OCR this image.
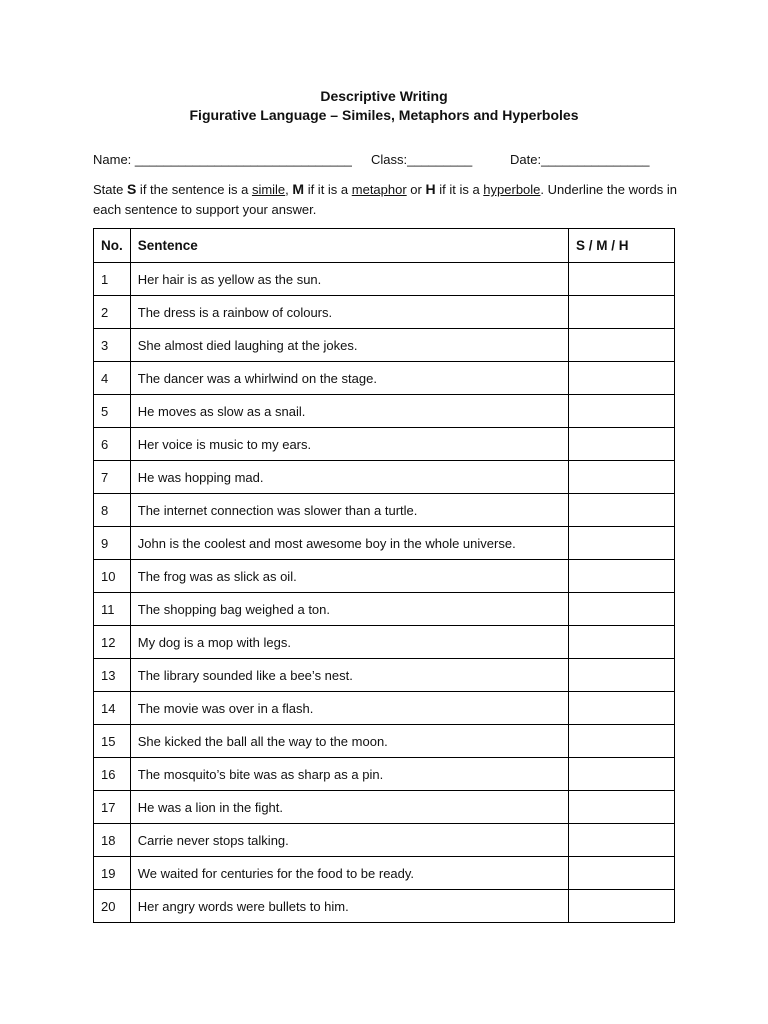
Descriptive Writing
Figurative Language – Similes, Metaphors and Hyperboles
Name: ______________________________ Class:_________	Date:_______________
State S if the sentence is a simile, M if it is a metaphor or H if it is a hyperbole. Underline the words in each sentence to support your answer.
No.	Sentence	S / M / H
1	Her hair is as yellow as the sun.	
2	The dress is a rainbow of colours.	
3	She almost died laughing at the jokes.	
4	The dancer was a whirlwind on the stage.	
5	He moves as slow as a snail.	
6	Her voice is music to my ears.	
7	He was hopping mad.	
8	The internet connection was slower than a turtle.	
9	John is the coolest and most awesome boy in the whole universe.	
10	The frog was as slick as oil.	
11	The shopping bag weighed a ton.	
12	My dog is a mop with legs.	
13	The library sounded like a bee’s nest.	
14	The movie was over in a flash.	
15	She kicked the ball all the way to the moon.	
16	The mosquito’s bite was as sharp as a pin.	
17	He was a lion in the fight.	
18	Carrie never stops talking.	
19	We waited for centuries for the food to be ready.	
20	Her angry words were bullets to him.	
